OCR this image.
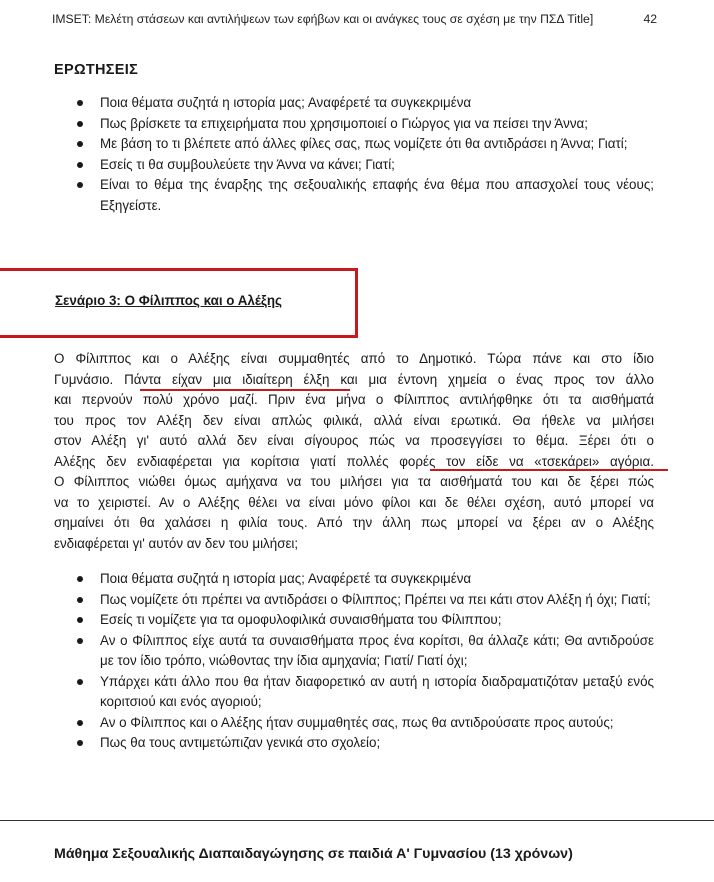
IMSET: Μελέτη στάσεων και αντιλήψεων των εφήβων και οι ανάγκες τους σε σχέση με την ΠΣΔ Title]	42
ΕΡΩΤΗΣΕΙΣ
Ποια θέματα συζητά η ιστορία μας; Αναφέρετέ τα συγκεκριμένα
Πως βρίσκετε τα επιχειρήματα που χρησιμοποιεί ο Γιώργος για να πείσει την Άννα;
Με βάση το τι βλέπετε από άλλες φίλες σας, πως νομίζετε ότι θα αντιδράσει η Άννα; Γιατί;
Εσείς τι θα συμβουλεύετε την Άννα να κάνει; Γιατί;
Είναι το θέμα της έναρξης της σεξουαλικής επαφής ένα θέμα που απασχολεί τους νέους; Εξηγείστε.
Σενάριο 3: Ο Φίλιππος και ο Αλέξης
Ο Φίλιππος και ο Αλέξης είναι συμμαθητές από το Δημοτικό. Τώρα πάνε και στο ίδιο
Γυμνάσιο. Πάντα είχαν μια ιδιαίτερη έλξη και μια έντονη χημεία ο ένας προς τον άλλο
και περνούν πολύ χρόνο μαζί. Πριν ένα μήνα ο Φίλιππος αντιλήφθηκε ότι τα αισθήματά
του προς τον Αλέξη δεν είναι απλώς φιλικά, αλλά είναι ερωτικά. Θα ήθελε να μιλήσει
στον Αλέξη γι' αυτό αλλά δεν είναι σίγουρος πώς να προσεγγίσει το θέμα. Ξέρει ότι ο
Αλέξης δεν ενδιαφέρεται για κορίτσια γιατί πολλές φορές τον είδε να «τσεκάρει» αγόρια.
Ο Φίλιππος νιώθει όμως αμήχανα να του μιλήσει για τα αισθήματά του και δε ξέρει πώς
να το χειριστεί. Αν ο Αλέξης θέλει να είναι μόνο φίλοι και δε θέλει σχέση, αυτό μπορεί να
σημαίνει ότι θα χαλάσει η φιλία τους. Από την άλλη πως μπορεί να ξέρει αν ο Αλέξης
ενδιαφέρεται γι' αυτόν αν δεν του μιλήσει;
Ποια θέματα συζητά η ιστορία μας; Αναφέρετέ τα συγκεκριμένα
Πως νομίζετε ότι πρέπει να αντιδράσει ο Φίλιππος; Πρέπει να πει κάτι στον Αλέξη ή όχι; Γιατί;
Εσείς τι νομίζετε για τα ομοφυλοφιλικά συναισθήματα του Φίλιππου;
Αν ο Φίλιππος είχε αυτά τα συναισθήματα προς ένα κορίτσι, θα άλλαζε κάτι; Θα αντιδρούσε με τον ίδιο τρόπο, νιώθοντας την ίδια αμηχανία; Γιατί/ Γιατί όχι;
Υπάρχει κάτι άλλο που θα ήταν διαφορετικό αν αυτή η ιστορία διαδραματιζόταν μεταξύ ενός κοριτσιού και ενός αγοριού;
Αν ο Φίλιππος και ο Αλέξης ήταν συμμαθητές σας, πως θα αντιδρούσατε προς αυτούς;
Πως θα τους αντιμετώπιζαν γενικά στο σχολείο;
Μάθημα Σεξουαλικής Διαπαιδαγώγησης σε παιδιά Α' Γυμνασίου (13 χρόνων)
